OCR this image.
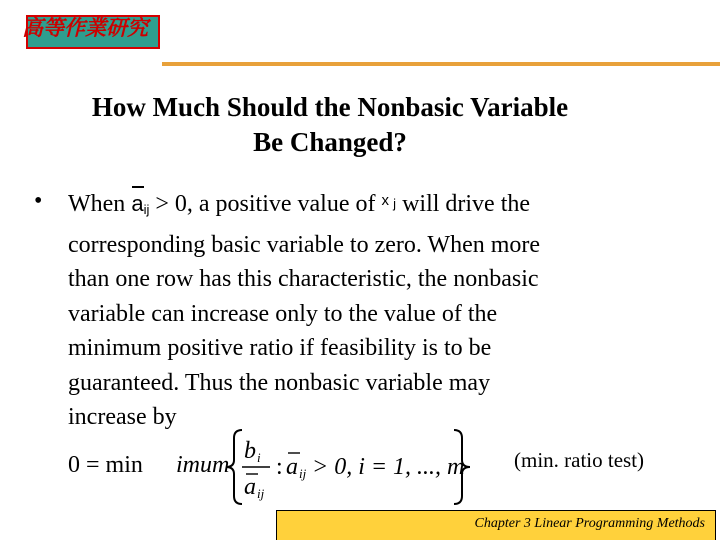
高等作業研究
How Much Should the Nonbasic Variable
Be Changed?
• When $a_{ij} > 0$, a positive value of $^{x j}$ will drive the
corresponding basic variable to zero. When more
than one row has this characteristic, the nonbasic
variable can increase only to the value of the
minimum positive ratio if feasibility is to be
guaranteed. Thus the nonbasic variable may
increase by
0 = min imum
b i
a ij
: a ij > 0, i = 1, ..., m (min. ratio test)
Chapter 3 Linear Programming Methods
